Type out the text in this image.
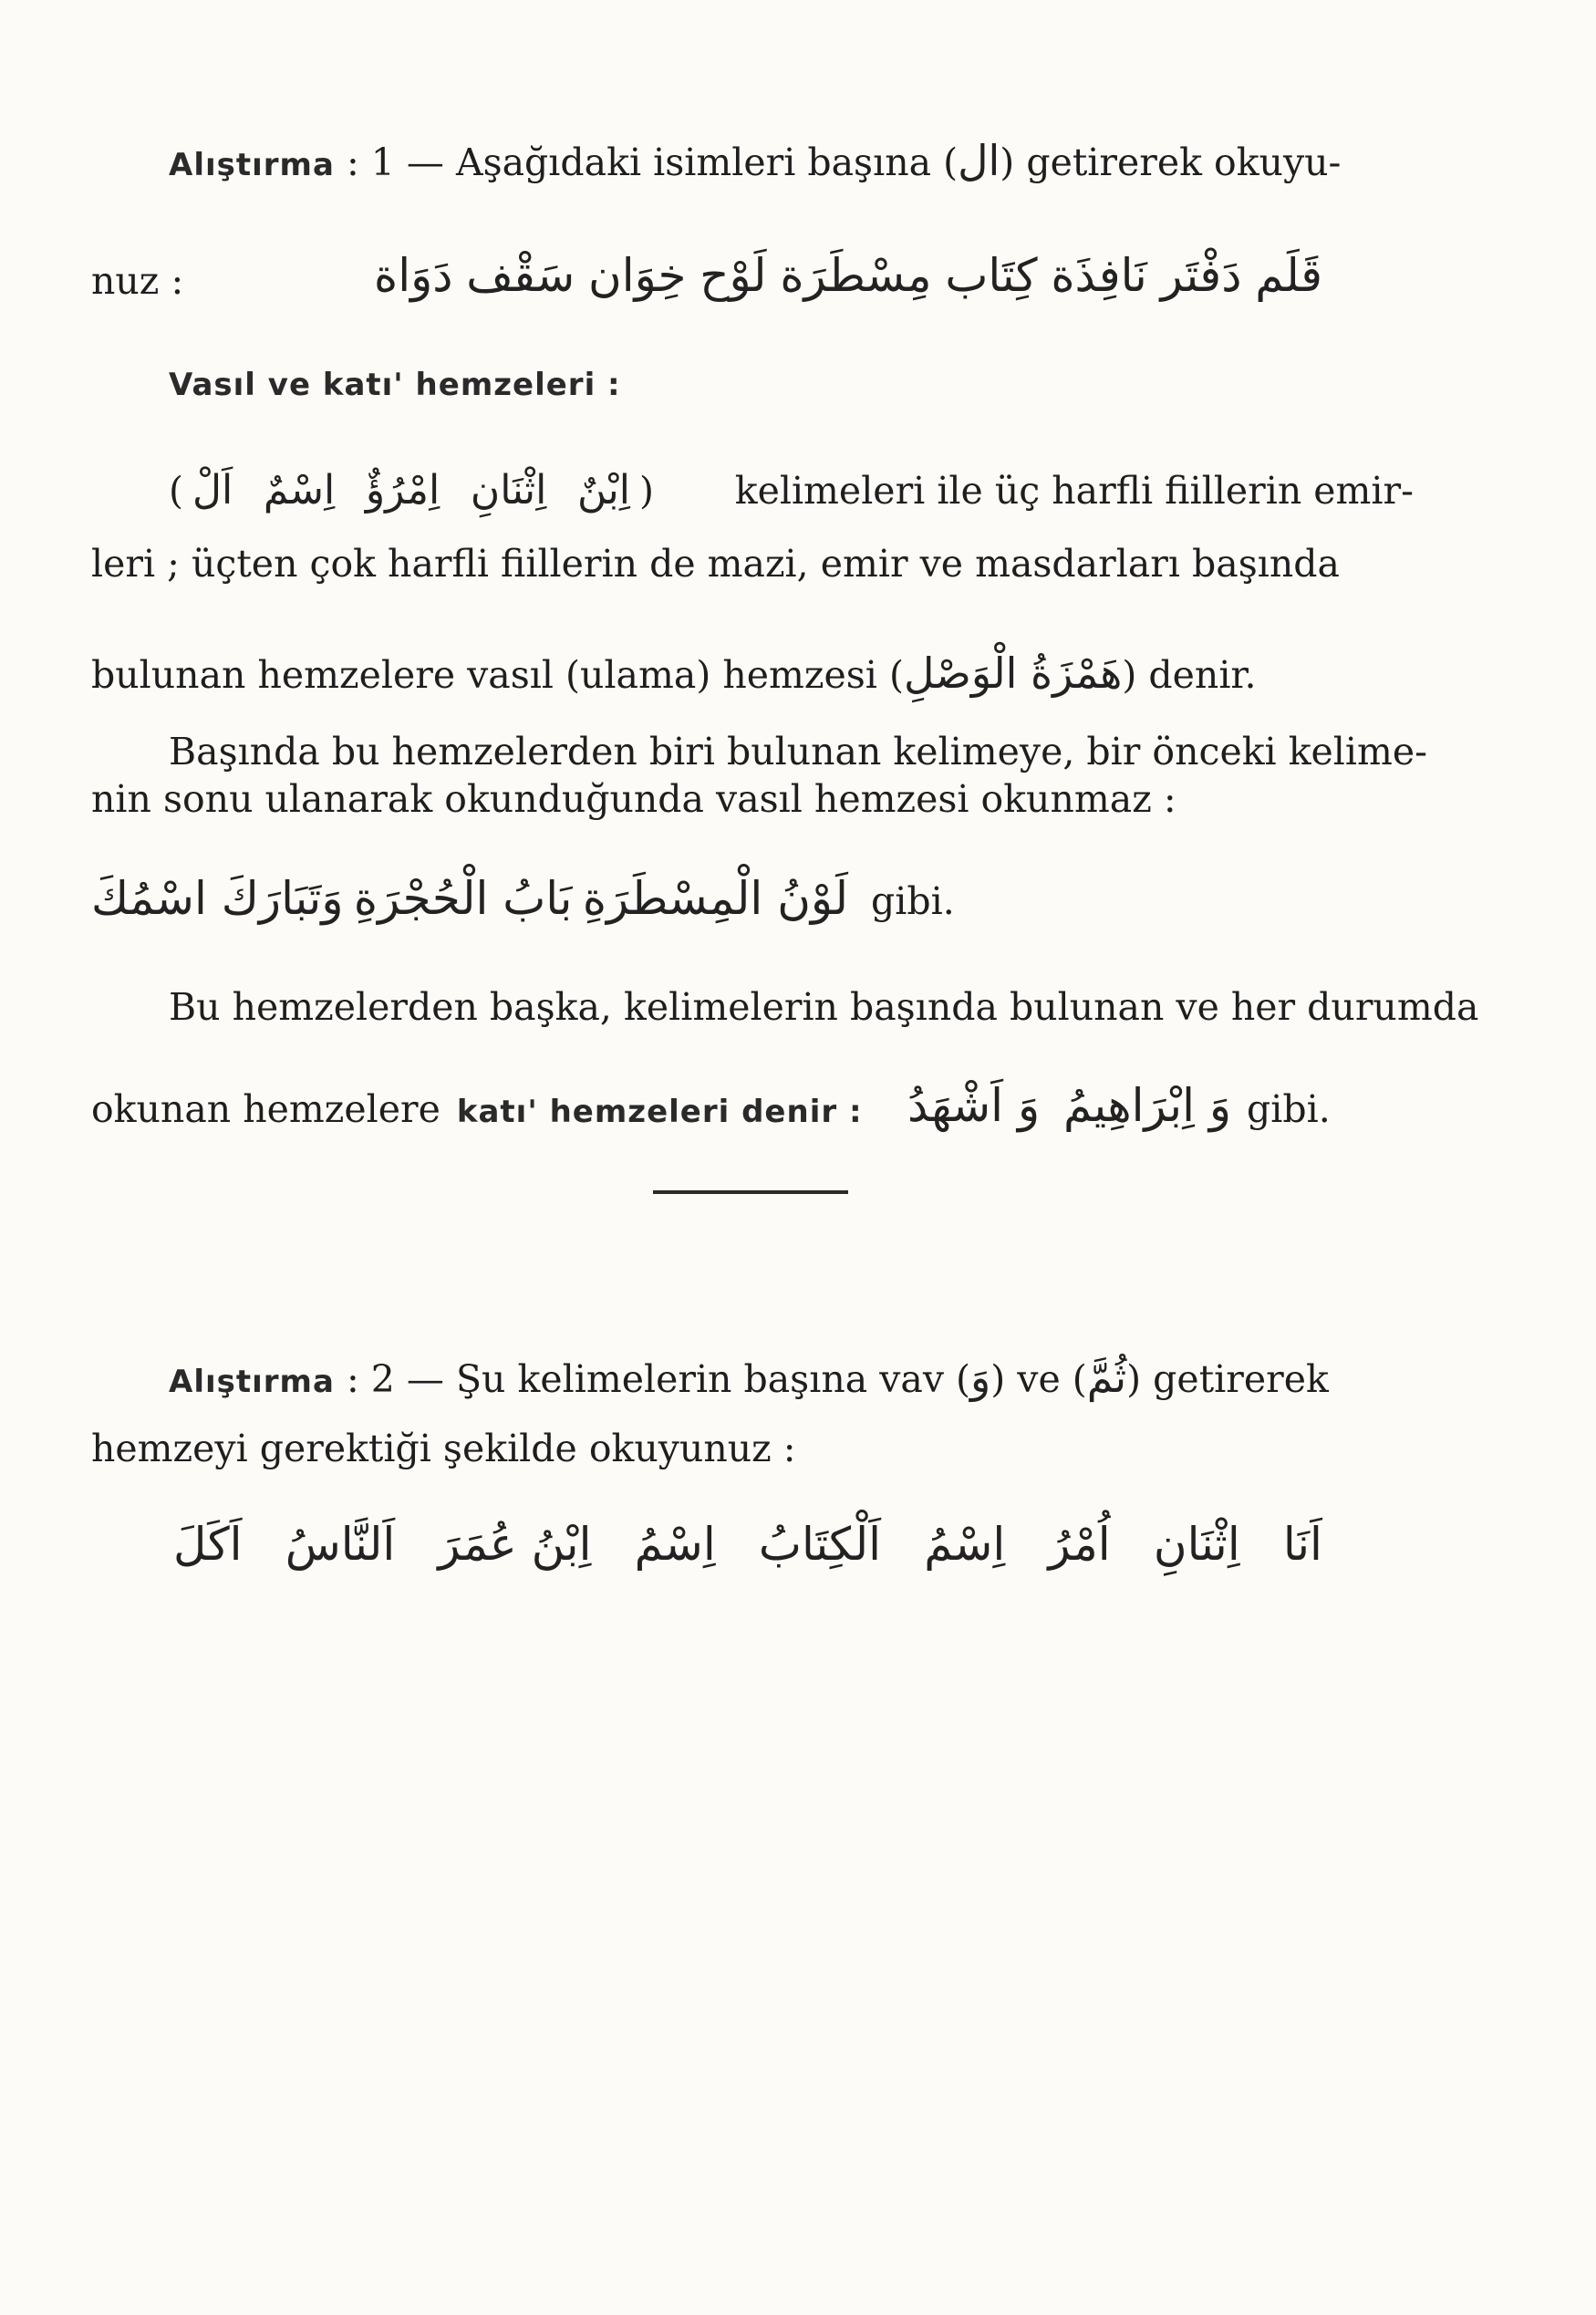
Alıştırma : 1 — Aşağıdaki isimleri başına (ال) getirerek okuyu-
nuz :	قَلَم
دَفْتَر
نَافِذَة
كِتَاب
مِسْطَرَة
لَوْح
خِوَان
سَقْف
دَوَاة
Vasıl ve katı' hemzeleri :
(	اِبْنٌ
اِثْنَانِ
اِمْرُؤٌ
اِسْمٌ
اَلْ	)	kelimeleri ile üç harfli fiillerin emir-
leri ; üçten çok harfli fiillerin de mazi, emir ve masdarları başında
bulunan hemzelere vasıl (ulama) hemzesi ( هَمْزَةُ الْوَصْلِ ) denir.
Başında bu hemzelerden biri bulunan kelimeye, bir önceki kelime-
nin sonu ulanarak okunduğunda vasıl hemzesi okunmaz :
لَوْنُ الْمِسْطَرَةِ
بَابُ الْحُجْرَةِ
وَتَبَارَكَ اسْمُكَ	gibi.
Bu hemzelerden başka, kelimelerin başında bulunan ve her durumda
okunan hemzelere katı' hemzeleri denir :	وَ اِبْرَاهِيمُ
وَ اَشْهَدُ	gibi.
Alıştırma : 2 — Şu kelimelerin başına vav (وَ) ve (ثُمَّ) getirerek
hemzeyi gerektiği şekilde okuyunuz :
اَنَا
اِثْنَانِ
اُمْرُ
اِسْمُ
اَلْكِتَابُ
اِسْمُ
اِبْنُ عُمَرَ
اَلنَّاسُ
اَكَلَ
